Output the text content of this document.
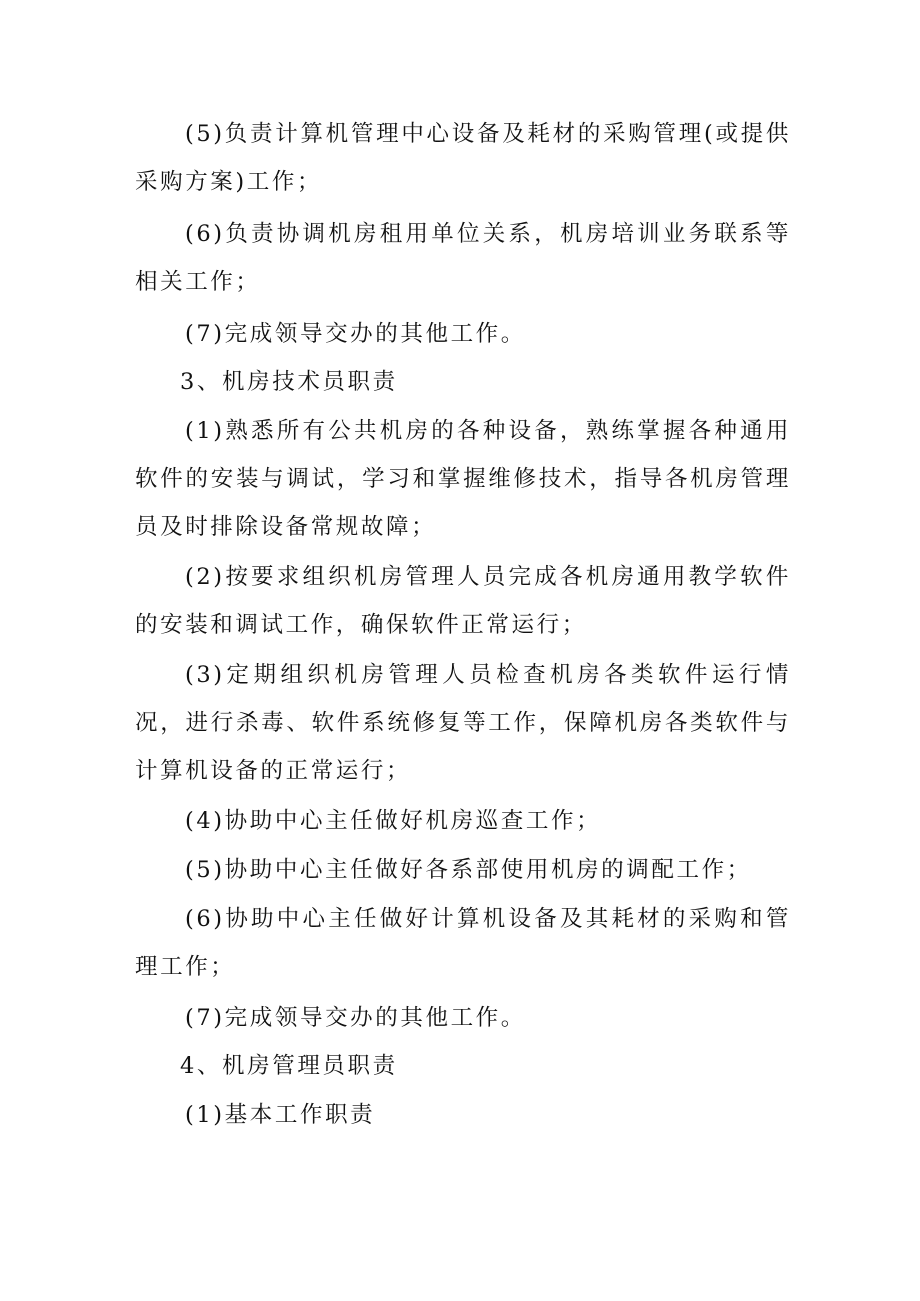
(5)负责计算机管理中心设备及耗材的采购管理(或提供采购方案)工作；

(6)负责协调机房租用单位关系，机房培训业务联系等相关工作；

(7)完成领导交办的其他工作。

3、机房技术员职责

(1)熟悉所有公共机房的各种设备，熟练掌握各种通用软件的安装与调试，学习和掌握维修技术，指导各机房管理员及时排除设备常规故障；

(2)按要求组织机房管理人员完成各机房通用教学软件的安装和调试工作，确保软件正常运行；

(3)定期组织机房管理人员检查机房各类软件运行情况，进行杀毒、软件系统修复等工作，保障机房各类软件与计算机设备的正常运行；

(4)协助中心主任做好机房巡查工作；

(5)协助中心主任做好各系部使用机房的调配工作；

(6)协助中心主任做好计算机设备及其耗材的采购和管理工作；

(7)完成领导交办的其他工作。

4、机房管理员职责

(1)基本工作职责
